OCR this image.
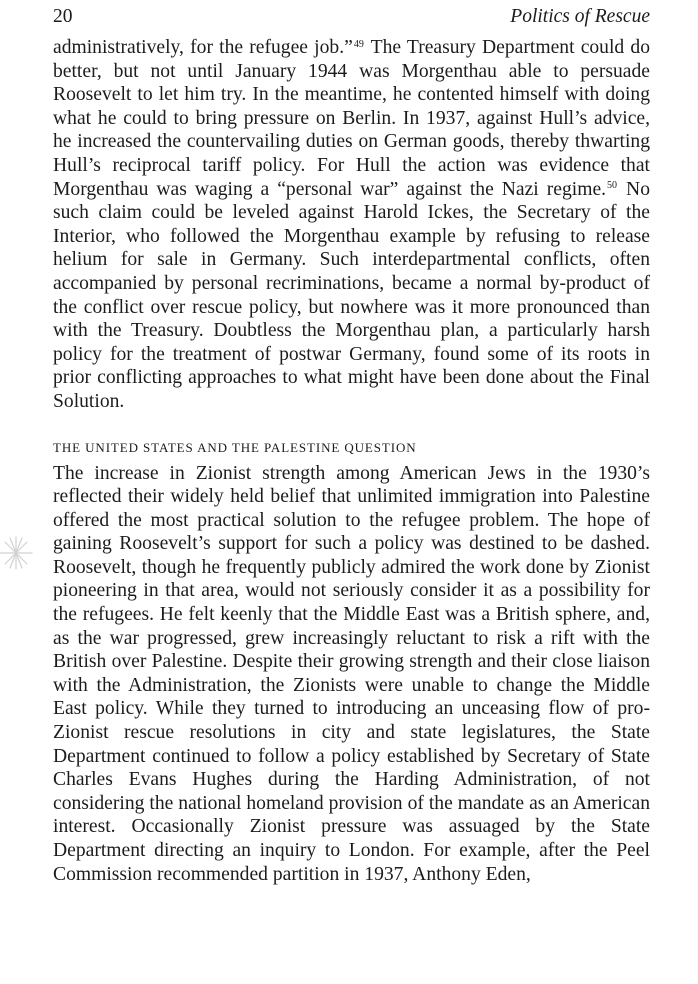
20	Politics of Rescue

administratively, for the refugee job.”$^{49}$ The Treasury Department could do better, but not until January 1944 was Morgenthau able to persuade Roosevelt to let him try. In the meantime, he contented himself with doing what he could to bring pressure on Berlin. In 1937, against Hull’s advice, he increased the countervailing duties on German goods, thereby thwarting Hull’s reciprocal tariff policy. For Hull the action was evidence that Morgenthau was waging a “personal war” against the Nazi regime.$^{50}$ No such claim could be leveled against Harold Ickes, the Secretary of the Interior, who followed the Morgenthau example by refusing to release helium for sale in Germany. Such interdepartmental conflicts, often accompanied by personal recriminations, became a normal by-product of the conflict over rescue policy, but nowhere was it more pronounced than with the Treasury. Doubtless the Morgenthau plan, a particularly harsh policy for the treatment of postwar Germany, found some of its roots in prior conflicting approaches to what might have been done about the Final Solution.

THE UNITED STATES AND THE PALESTINE QUESTION

The increase in Zionist strength among American Jews in the 1930’s reflected their widely held belief that unlimited immigration into Palestine offered the most practical solution to the refugee problem. The hope of gaining Roosevelt’s support for such a policy was destined to be dashed. Roosevelt, though he frequently publicly admired the work done by Zionist pioneering in that area, would not seriously consider it as a possibility for the refugees. He felt keenly that the Middle East was a British sphere, and, as the war progressed, grew increasingly reluctant to risk a rift with the British over Palestine. Despite their growing strength and their close liaison with the Administration, the Zionists were unable to change the Middle East policy. While they turned to introducing an unceasing flow of pro-Zionist rescue resolutions in city and state legislatures, the State Department continued to follow a policy established by Secretary of State Charles Evans Hughes during the Harding Administration, of not considering the national homeland provision of the mandate as an American interest. Occasionally Zionist pressure was assuaged by the State Department directing an inquiry to London. For example, after the Peel Commission recommended partition in 1937, Anthony Eden,
